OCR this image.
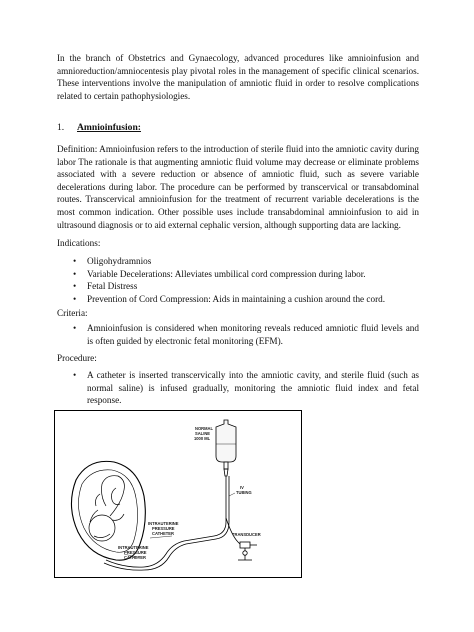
In the branch of Obstetrics and Gynaecology, advanced procedures like amnioinfusion and amnioreduction/amniocentesis play pivotal roles in the management of specific clinical scenarios. These interventions involve the manipulation of amniotic fluid in order to resolve complications related to certain pathophysiologies.

1. Amnioinfusion:

Definition: Amnioinfusion refers to the introduction of sterile fluid into the amniotic cavity during labor The rationale is that augmenting amniotic fluid volume may decrease or eliminate problems associated with a severe reduction or absence of amniotic fluid, such as severe variable decelerations during labor. The procedure can be performed by transcervical or transabdominal routes. Transcervical amnioinfusion for the treatment of recurrent variable decelerations is the most common indication. Other possible uses include transabdominal amnioinfusion to aid in ultrasound diagnosis or to aid external cephalic version, although supporting data are lacking.

Indications:

• Oligohydramnios
• Variable Decelerations: Alleviates umbilical cord compression during labor.
• Fetal Distress
• Prevention of Cord Compression: Aids in maintaining a cushion around the cord.

Criteria:

• Amnioinfusion is considered when monitoring reveals reduced amniotic fluid levels and is often guided by electronic fetal monitoring (EFM).

Procedure:

• A catheter is inserted transcervically into the amniotic cavity, and sterile fluid (such as normal saline) is infused gradually, monitoring the amniotic fluid index and fetal response.
NORMAL
SALINE
1000 ML
IV
TUBING
INTRAUTERINE
PRESSURE
CATHETER
INTRAUTERINE
PRESSURE
CATHETER
TRANSDUCER
